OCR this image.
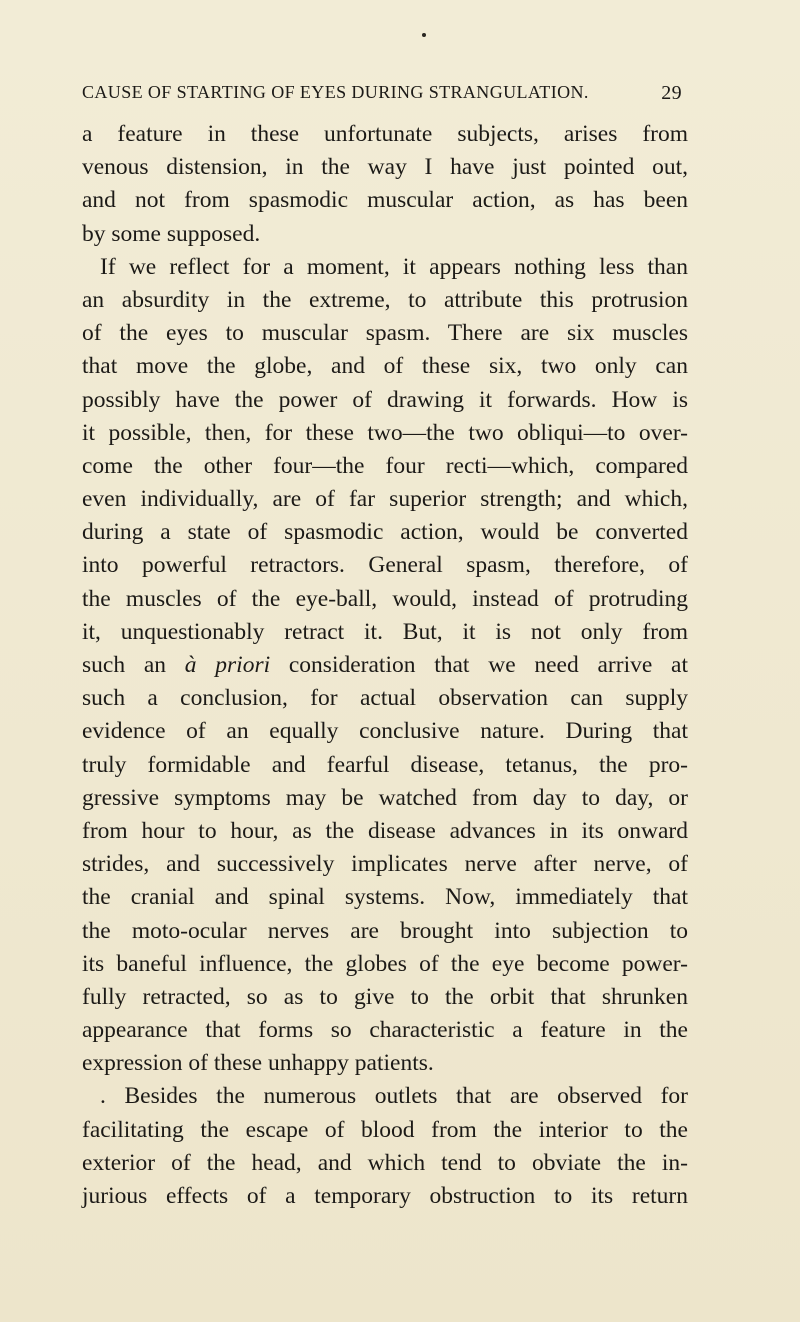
CAUSE OF STARTING OF EYES DURING STRANGULATION.	29
a feature in these unfortunate subjects, arises from
venous distension, in the way I have just pointed out,
and not from spasmodic muscular action, as has been
by some supposed.
If we reflect for a moment, it appears nothing less than
an absurdity in the extreme, to attribute this protrusion
of the eyes to muscular spasm. There are six muscles
that move the globe, and of these six, two only can
possibly have the power of drawing it forwards. How is
it possible, then, for these two—the two obliqui—to over-
come the other four—the four recti—which, compared
even individually, are of far superior strength; and which,
during a state of spasmodic action, would be converted
into powerful retractors. General spasm, therefore, of
the muscles of the eye-ball, would, instead of protruding
it, unquestionably retract it. But, it is not only from
such an à priori consideration that we need arrive at
such a conclusion, for actual observation can supply
evidence of an equally conclusive nature. During that
truly formidable and fearful disease, tetanus, the pro-
gressive symptoms may be watched from day to day, or
from hour to hour, as the disease advances in its onward
strides, and successively implicates nerve after nerve, of
the cranial and spinal systems. Now, immediately that
the moto-ocular nerves are brought into subjection to
its baneful influence, the globes of the eye become power-
fully retracted, so as to give to the orbit that shrunken
appearance that forms so characteristic a feature in the
expression of these unhappy patients.
. Besides the numerous outlets that are observed for
facilitating the escape of blood from the interior to the
exterior of the head, and which tend to obviate the in-
jurious effects of a temporary obstruction to its return
